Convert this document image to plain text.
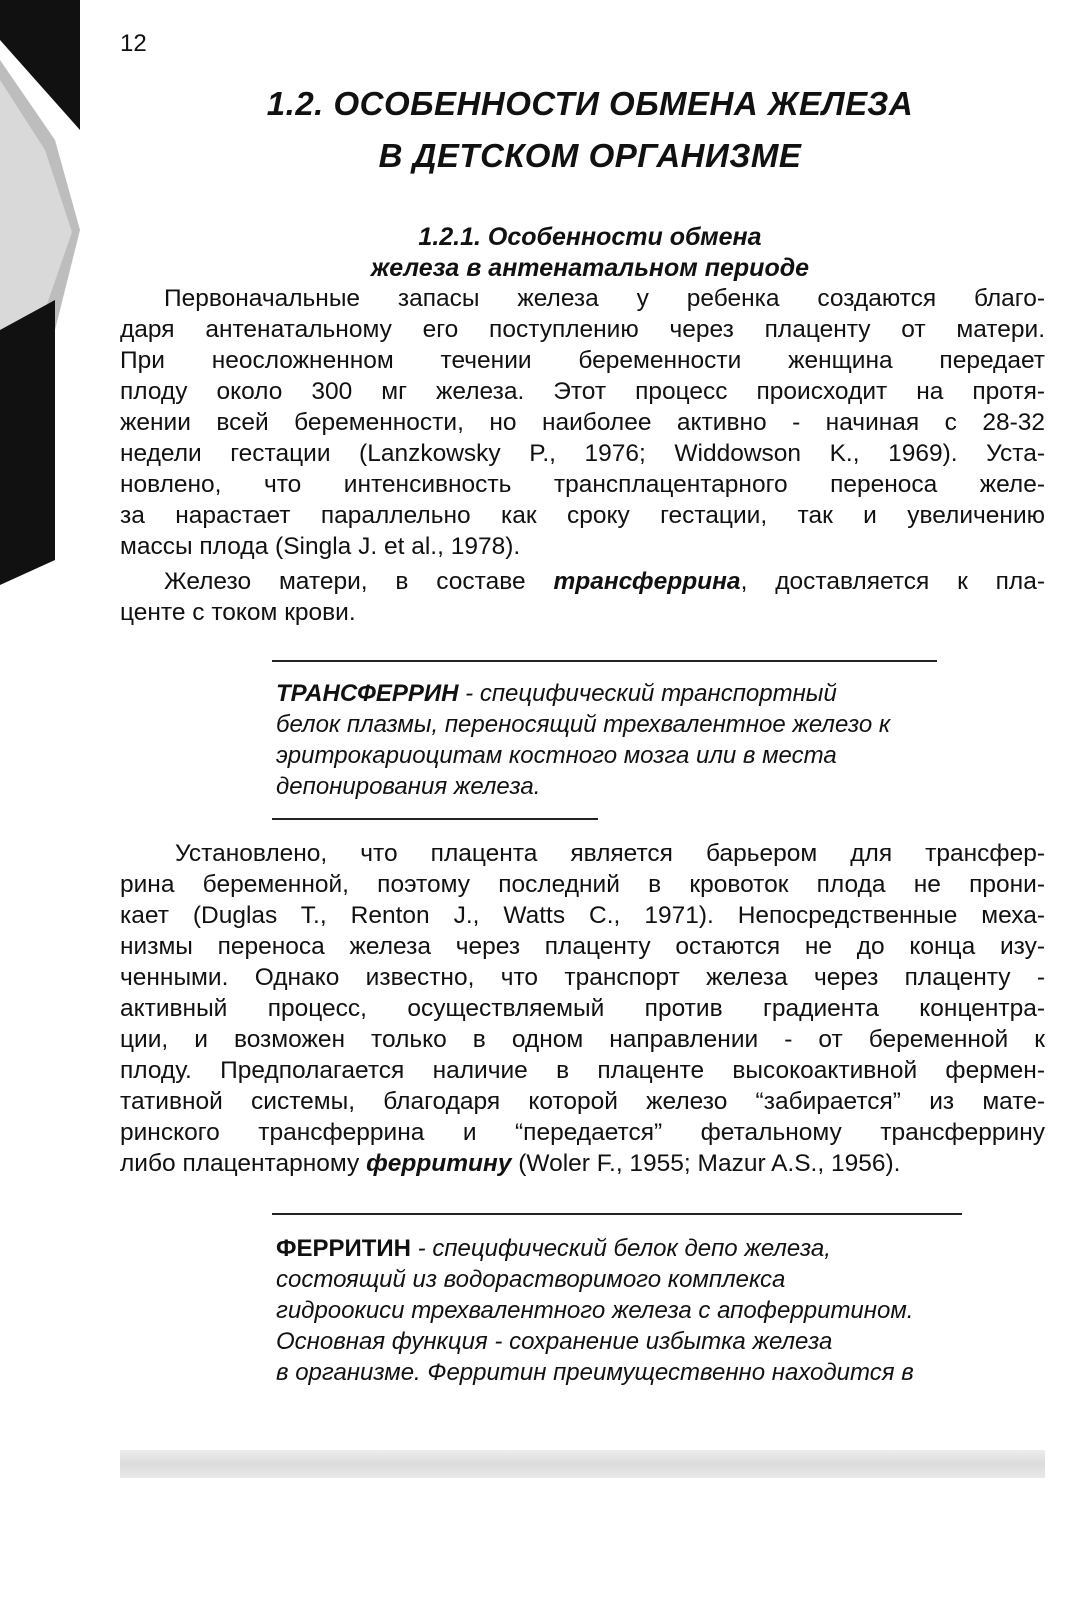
12
1.2. ОСОБЕННОСТИ ОБМЕНА ЖЕЛЕЗА
В ДЕТСКОМ ОРГАНИЗМЕ
1.2.1. Особенности обмена
железа в антенатальном периоде
Первоначальные запасы железа у ребенка создаются благо-
даря антенатальному его поступлению через плаценту от матери.
При неосложненном течении беременности женщина передает
плоду около 300 мг железа. Этот процесс происходит на протя-
жении всей беременности, но наиболее активно - начиная с 28-32
недели гестации (Lanzkowsky P., 1976; Widdowson K., 1969). Уста-
новлено, что интенсивность трансплацентарного переноса желе-
за нарастает параллельно как сроку гестации, так и увеличению
массы плода (Singla J. et al., 1978).
Железо матери, в составе трансферрина, доставляется к пла-
центе с током крови.
ТРАНСФЕРРИН - специфический транспортный
белок плазмы, переносящий трехвалентное железо к
эритрокариоцитам костного мозга или в места
депонирования железа.
Установлено, что плацента является барьером для трансфер-
рина беременной, поэтому последний в кровоток плода не прони-
кает (Duglas T., Renton J., Watts C., 1971). Непосредственные меха-
низмы переноса железа через плаценту остаются не до конца изу-
ченными. Однако известно, что транспорт железа через плаценту -
активный процесс, осуществляемый против градиента концентра-
ции, и возможен только в одном направлении - от беременной к
плоду. Предполагается наличие в плаценте высокоактивной фермен-
тативной системы, благодаря которой железо “забирается” из мате-
ринского трансферрина и “передается” фетальному трансферрину
либо плацентарному ферритину (Woler F., 1955; Mazur A.S., 1956).
ФЕРРИТИН - специфический белок депо железа,
состоящий из водорастворимого комплекса
гидроокиси трехвалентного железа с апоферритином.
Основная функция - сохранение избытка железа
в организме. Ферритин преимущественно находится в
